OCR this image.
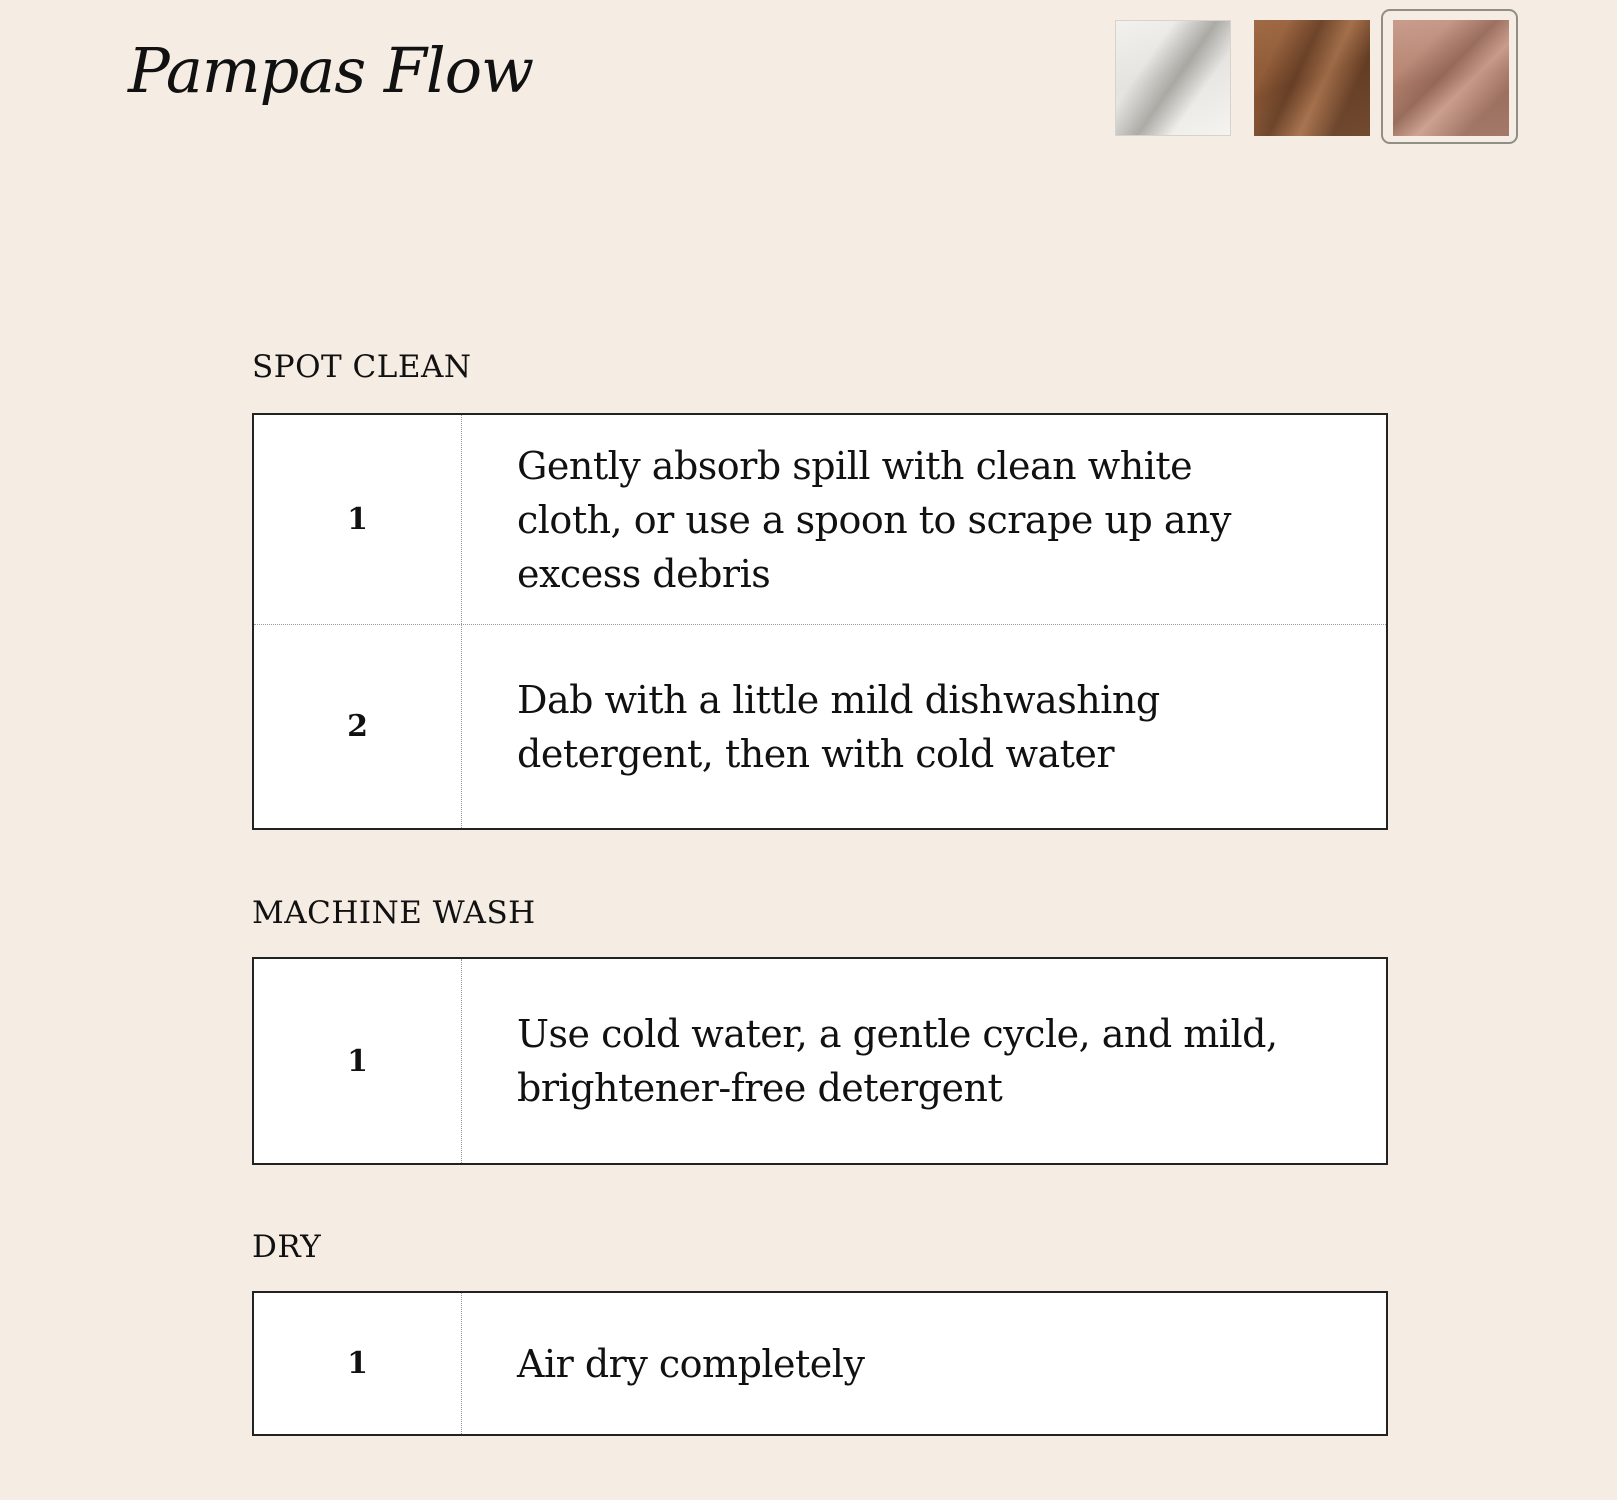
Pampas Flow
SPOT CLEAN
1
Gently absorb spill with clean white cloth, or use a spoon to scrape up any excess debris
2
Dab with a little mild dishwashing detergent, then with cold water
MACHINE WASH
1
Use cold water, a gentle cycle, and mild, brightener-free detergent
DRY
1	Air dry completely
